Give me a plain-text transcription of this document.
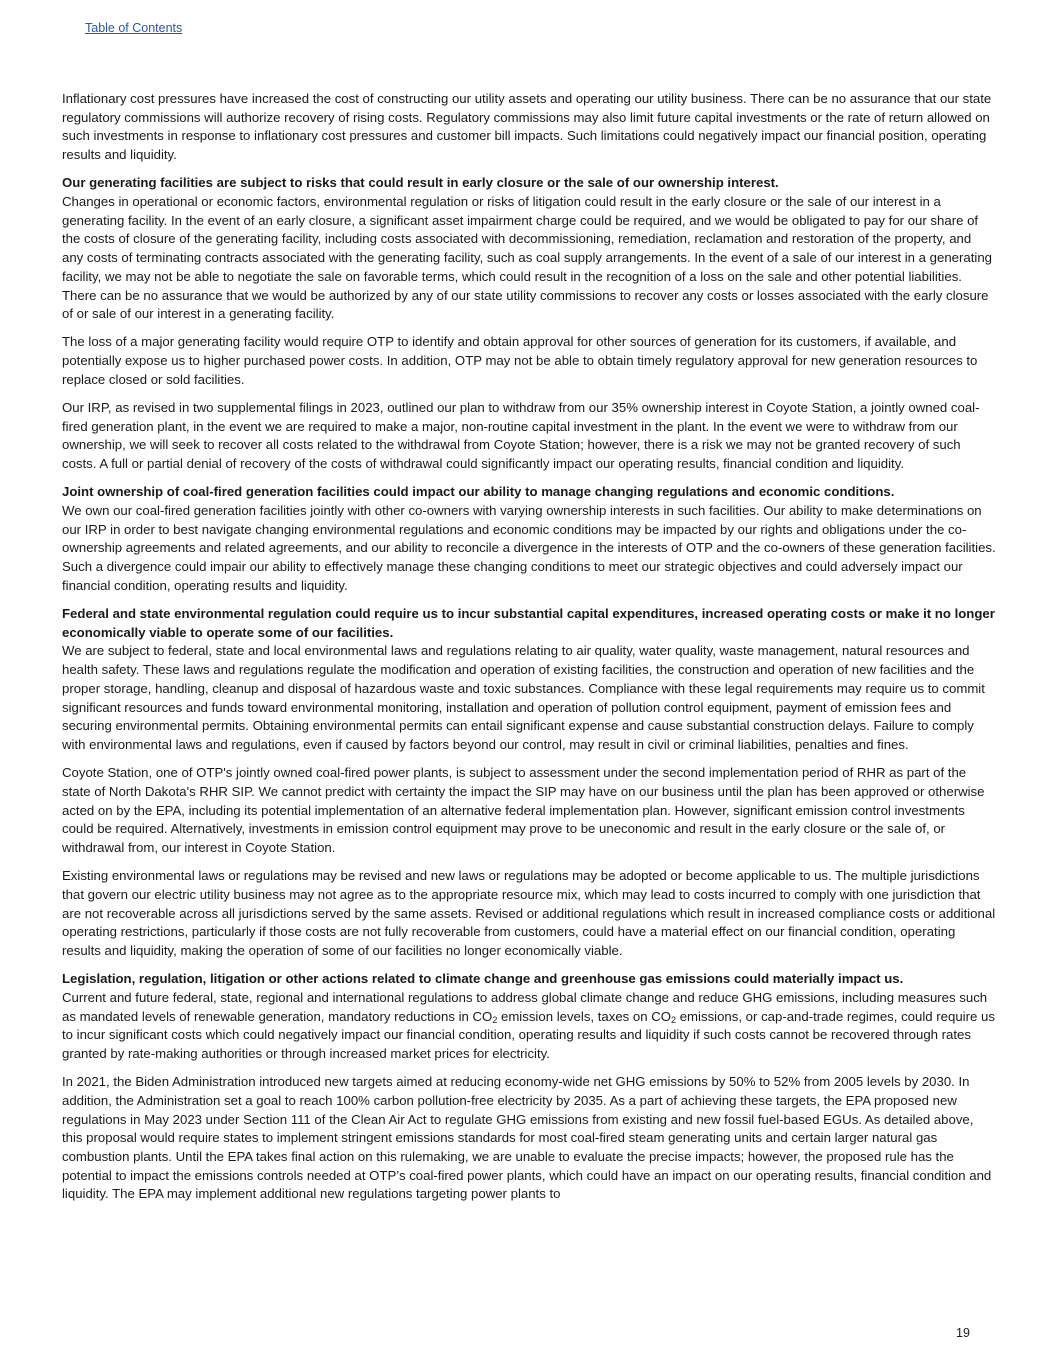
Table of Contents

Inflationary cost pressures have increased the cost of constructing our utility assets and operating our utility business. There can be no assurance that our state regulatory commissions will authorize recovery of rising costs. Regulatory commissions may also limit future capital investments or the rate of return allowed on such investments in response to inflationary cost pressures and customer bill impacts. Such limitations could negatively impact our financial position, operating results and liquidity.

Our generating facilities are subject to risks that could result in early closure or the sale of our ownership interest.

Changes in operational or economic factors, environmental regulation or risks of litigation could result in the early closure or the sale of our interest in a generating facility. In the event of an early closure, a significant asset impairment charge could be required, and we would be obligated to pay for our share of the costs of closure of the generating facility, including costs associated with decommissioning, remediation, reclamation and restoration of the property, and any costs of terminating contracts associated with the generating facility, such as coal supply arrangements. In the event of a sale of our interest in a generating facility, we may not be able to negotiate the sale on favorable terms, which could result in the recognition of a loss on the sale and other potential liabilities. There can be no assurance that we would be authorized by any of our state utility commissions to recover any costs or losses associated with the early closure of or sale of our interest in a generating facility.

The loss of a major generating facility would require OTP to identify and obtain approval for other sources of generation for its customers, if available, and potentially expose us to higher purchased power costs. In addition, OTP may not be able to obtain timely regulatory approval for new generation resources to replace closed or sold facilities.

Our IRP, as revised in two supplemental filings in 2023, outlined our plan to withdraw from our 35% ownership interest in Coyote Station, a jointly owned coal-fired generation plant, in the event we are required to make a major, non-routine capital investment in the plant. In the event we were to withdraw from our ownership, we will seek to recover all costs related to the withdrawal from Coyote Station; however, there is a risk we may not be granted recovery of such costs. A full or partial denial of recovery of the costs of withdrawal could significantly impact our operating results, financial condition and liquidity.

Joint ownership of coal-fired generation facilities could impact our ability to manage changing regulations and economic conditions.

We own our coal-fired generation facilities jointly with other co-owners with varying ownership interests in such facilities. Our ability to make determinations on our IRP in order to best navigate changing environmental regulations and economic conditions may be impacted by our rights and obligations under the co-ownership agreements and related agreements, and our ability to reconcile a divergence in the interests of OTP and the co-owners of these generation facilities. Such a divergence could impair our ability to effectively manage these changing conditions to meet our strategic objectives and could adversely impact our financial condition, operating results and liquidity.

Federal and state environmental regulation could require us to incur substantial capital expenditures, increased operating costs or make it no longer economically viable to operate some of our facilities.

We are subject to federal, state and local environmental laws and regulations relating to air quality, water quality, waste management, natural resources and health safety. These laws and regulations regulate the modification and operation of existing facilities, the construction and operation of new facilities and the proper storage, handling, cleanup and disposal of hazardous waste and toxic substances. Compliance with these legal requirements may require us to commit significant resources and funds toward environmental monitoring, installation and operation of pollution control equipment, payment of emission fees and securing environmental permits. Obtaining environmental permits can entail significant expense and cause substantial construction delays. Failure to comply with environmental laws and regulations, even if caused by factors beyond our control, may result in civil or criminal liabilities, penalties and fines.

Coyote Station, one of OTP's jointly owned coal-fired power plants, is subject to assessment under the second implementation period of RHR as part of the state of North Dakota's RHR SIP. We cannot predict with certainty the impact the SIP may have on our business until the plan has been approved or otherwise acted on by the EPA, including its potential implementation of an alternative federal implementation plan. However, significant emission control investments could be required. Alternatively, investments in emission control equipment may prove to be uneconomic and result in the early closure or the sale of, or withdrawal from, our interest in Coyote Station.

Existing environmental laws or regulations may be revised and new laws or regulations may be adopted or become applicable to us. The multiple jurisdictions that govern our electric utility business may not agree as to the appropriate resource mix, which may lead to costs incurred to comply with one jurisdiction that are not recoverable across all jurisdictions served by the same assets. Revised or additional regulations which result in increased compliance costs or additional operating restrictions, particularly if those costs are not fully recoverable from customers, could have a material effect on our financial condition, operating results and liquidity, making the operation of some of our facilities no longer economically viable.

Legislation, regulation, litigation or other actions related to climate change and greenhouse gas emissions could materially impact us.

Current and future federal, state, regional and international regulations to address global climate change and reduce GHG emissions, including measures such as mandated levels of renewable generation, mandatory reductions in $CO_2$ emission levels, taxes on $CO_2$ emissions, or cap-and-trade regimes, could require us to incur significant costs which could negatively impact our financial condition, operating results and liquidity if such costs cannot be recovered through rates granted by rate-making authorities or through increased market prices for electricity.

In 2021, the Biden Administration introduced new targets aimed at reducing economy-wide net GHG emissions by 50% to 52% from 2005 levels by 2030. In addition, the Administration set a goal to reach 100% carbon pollution-free electricity by 2035. As a part of achieving these targets, the EPA proposed new regulations in May 2023 under Section 111 of the Clean Air Act to regulate GHG emissions from existing and new fossil fuel-based EGUs. As detailed above, this proposal would require states to implement stringent emissions standards for most coal-fired steam generating units and certain larger natural gas combustion plants. Until the EPA takes final action on this rulemaking, we are unable to evaluate the precise impacts; however, the proposed rule has the potential to impact the emissions controls needed at OTP’s coal-fired power plants, which could have an impact on our operating results, financial condition and liquidity. The EPA may implement additional new regulations targeting power plants to

19
